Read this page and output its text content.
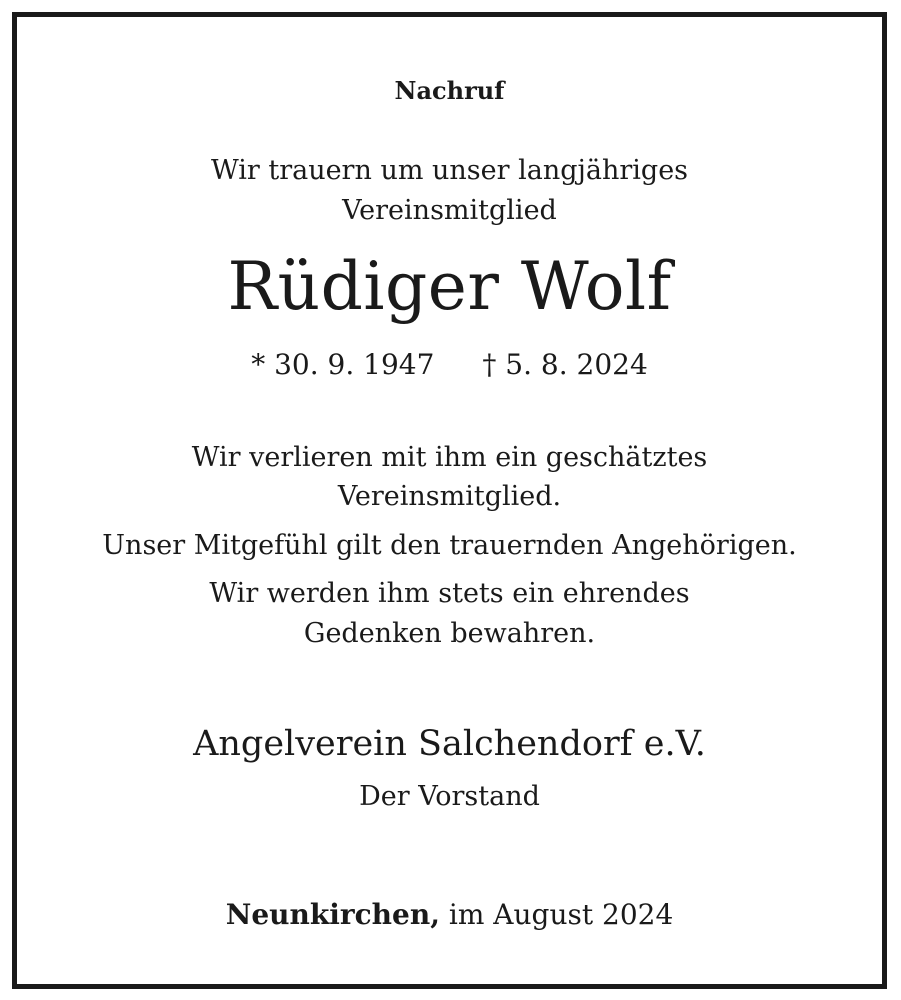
Nachruf
Wir trauern um unser langjähriges
Vereinsmitglied
Rüdiger Wolf
* 30. 9. 1947 † 5. 8. 2024
Wir verlieren mit ihm ein geschätztes
Vereinsmitglied.
Unser Mitgefühl gilt den trauernden Angehörigen.
Wir werden ihm stets ein ehrendes
Gedenken bewahren.
Angelverein Salchendorf e.V.
Der Vorstand
Neunkirchen, im August 2024
